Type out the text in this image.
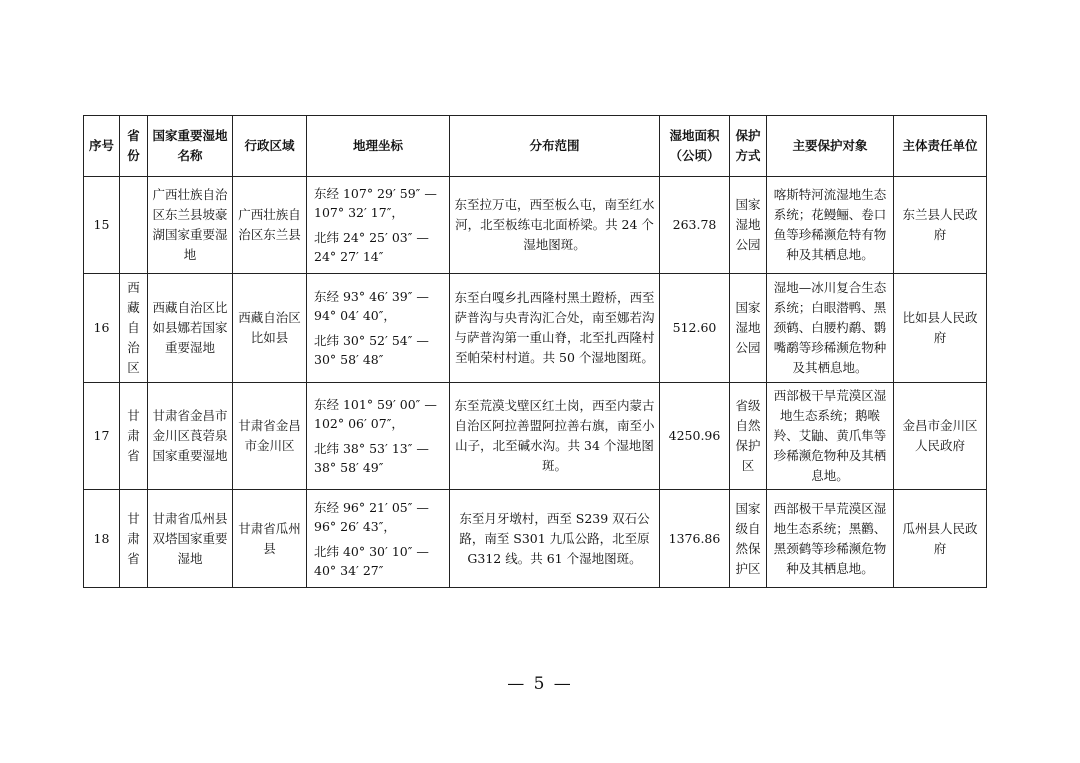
序号	省份	国家重要湿地名称	行政区域	地理坐标	分布范围	湿地面积（公顷）	保护方式	主要保护对象	主体责任单位
15		广西壮族自治区东兰县坡豪湖国家重要湿地	广西壮族自治区东兰县	东经 107° 29′ 59″ —
107° 32′ 17″，
北纬 24° 25′ 03″ —
24° 27′ 14″	东至拉万屯，西至板么屯，南至红水河，北至板练屯北面桥梁。共 24 个湿地图斑。	263.78	国家湿地公园	喀斯特河流湿地生态系统；花鳗鲡、卷口鱼等珍稀濒危特有物种及其栖息地。	东兰县人民政府
16	西藏自治区	西藏自治区比如县娜若国家重要湿地	西藏自治区比如县	东经 93° 46′ 39″ —
94° 04′ 40″，
北纬 30° 52′ 54″ —
30° 58′ 48″	东至白嘎乡扎西隆村黑土蹬桥，西至萨普沟与央青沟汇合处，南至娜若沟与萨普沟第一重山脊，北至扎西隆村至帕荣村村道。共 50 个湿地图斑。	512.60	国家湿地公园	湿地—冰川复合生态系统；白眼潜鸭、黑颈鹤、白腰杓鹬、鹮嘴鹬等珍稀濒危物种及其栖息地。	比如县人民政府
17	甘肃省	甘肃省金昌市金川区莨菪泉国家重要湿地	甘肃省金昌市金川区	东经 101° 59′ 00″ —
102° 06′ 07″，
北纬 38° 53′ 13″ —
38° 58′ 49″	东至荒漠戈壁区红土岗，西至内蒙古自治区阿拉善盟阿拉善右旗，南至小山子，北至碱水沟。共 34 个湿地图斑。	4250.96	省级自然保护区	西部极干旱荒漠区湿地生态系统；鹅喉羚、艾鼬、黄爪隼等珍稀濒危物种及其栖息地。	金昌市金川区人民政府
18	甘肃省	甘肃省瓜州县双塔国家重要湿地	甘肃省瓜州县	东经 96° 21′ 05″ —
96° 26′ 43″，
北纬 40° 30′ 10″ —
40° 34′ 27″	东至月牙墩村，西至 S239 双石公路，南至 S301 九瓜公路，北至原 G312 线。共 61 个湿地图斑。	1376.86	国家级自然保护区	西部极干旱荒漠区湿地生态系统；黑鹳、黑颈鹤等珍稀濒危物种及其栖息地。	瓜州县人民政府
— 5 —
